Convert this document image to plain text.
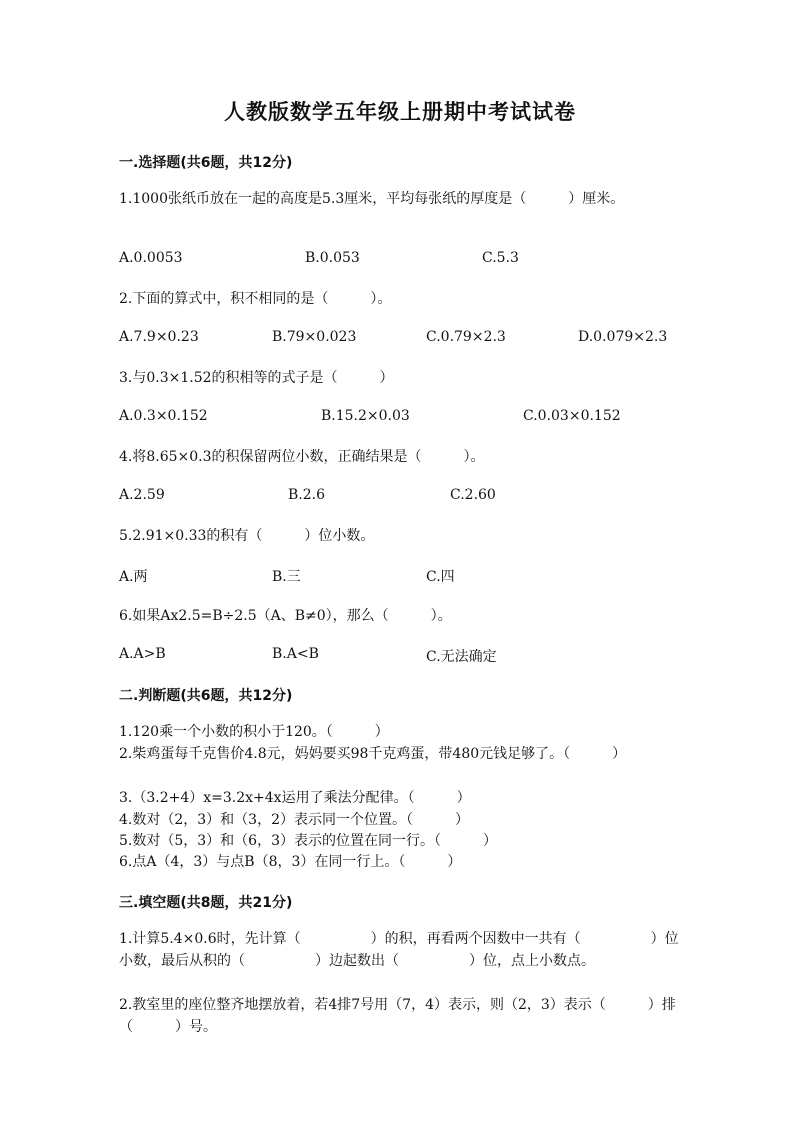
人教版数学五年级上册期中考试试卷
一.选择题(共6题，共12分)
1.1000张纸币放在一起的高度是5.3厘米，平均每张纸的厚度是（　　　）厘米。
A.0.0053	B.0.053	C.5.3
2.下面的算式中，积不相同的是（　　　）。
A.7.9×0.23	B.79×0.023	C.0.79×2.3	D.0.079×2.3
3.与0.3×1.52的积相等的式子是（　　　）
A.0.3×0.152	B.15.2×0.03	C.0.03×0.152
4.将8.65×0.3的积保留两位小数，正确结果是（　　　）。
A.2.59	B.2.6	C.2.60
5.2.91×0.33的积有（　　　）位小数。
A.两	B.三	C.四
6.如果Ax2.5=B÷2.5（A、B≠0），那么（　　　）。
A.A>B	B.A<B	C.无法确定
二.判断题(共6题，共12分)
1.120乘一个小数的积小于120。（　　　）
2.柴鸡蛋每千克售价4.8元，妈妈要买98千克鸡蛋，带480元钱足够了。（　　　）
3.（3.2+4）x=3.2x+4x运用了乘法分配律。（　　　）
4.数对（2，3）和（3，2）表示同一个位置。（　　　）
5.数对（5，3）和（6，3）表示的位置在同一行。（　　　）
6.点A（4，3）与点B（8，3）在同一行上。（　　　）
三.填空题(共8题，共21分)
1.计算5.4×0.6时，先计算（　　　　　）的积，再看两个因数中一共有（　　　　　）位小数，最后从积的（　　　　　）边起数出（　　　　　）位，点上小数点。
2.教室里的座位整齐地摆放着，若4排7号用（7，4）表示，则（2，3）表示（　　　）排（　　　）号。
